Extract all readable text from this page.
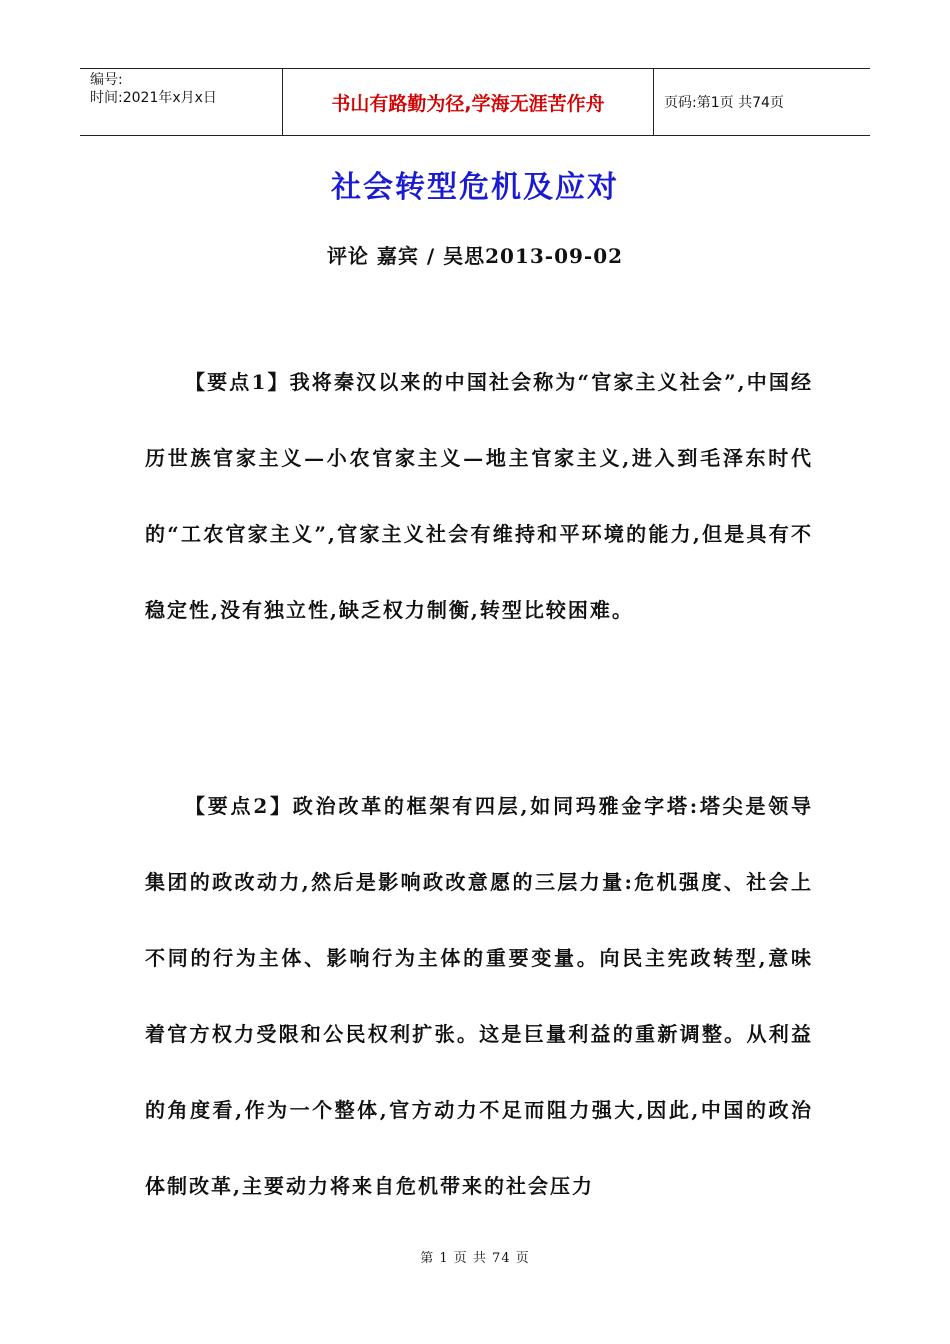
编号:
时间:2021年x月x日	书山有路勤为径,学海无涯苦作舟	页码:第1页 共74页
社会转型危机及应对
评论 嘉宾 / 吴思2013-09-02

【要点1】我将秦汉以来的中国社会称为“官家主义社会”,中国经历世族官家主义—小农官家主义—地主官家主义,进入到毛泽东时代的“工农官家主义”,官家主义社会有维持和平环境的能力,但是具有不稳定性,没有独立性,缺乏权力制衡,转型比较困难。

【要点2】政治改革的框架有四层,如同玛雅金字塔:塔尖是领导集团的政改动力,然后是影响政改意愿的三层力量:危机强度、社会上不同的行为主体、影响行为主体的重要变量。向民主宪政转型,意味着官方权力受限和公民权利扩张。这是巨量利益的重新调整。从利益的角度看,作为一个整体,官方动力不足而阻力强大,因此,中国的政治体制改革,主要动力将来自危机带来的社会压力

第 1 页 共 74 页
